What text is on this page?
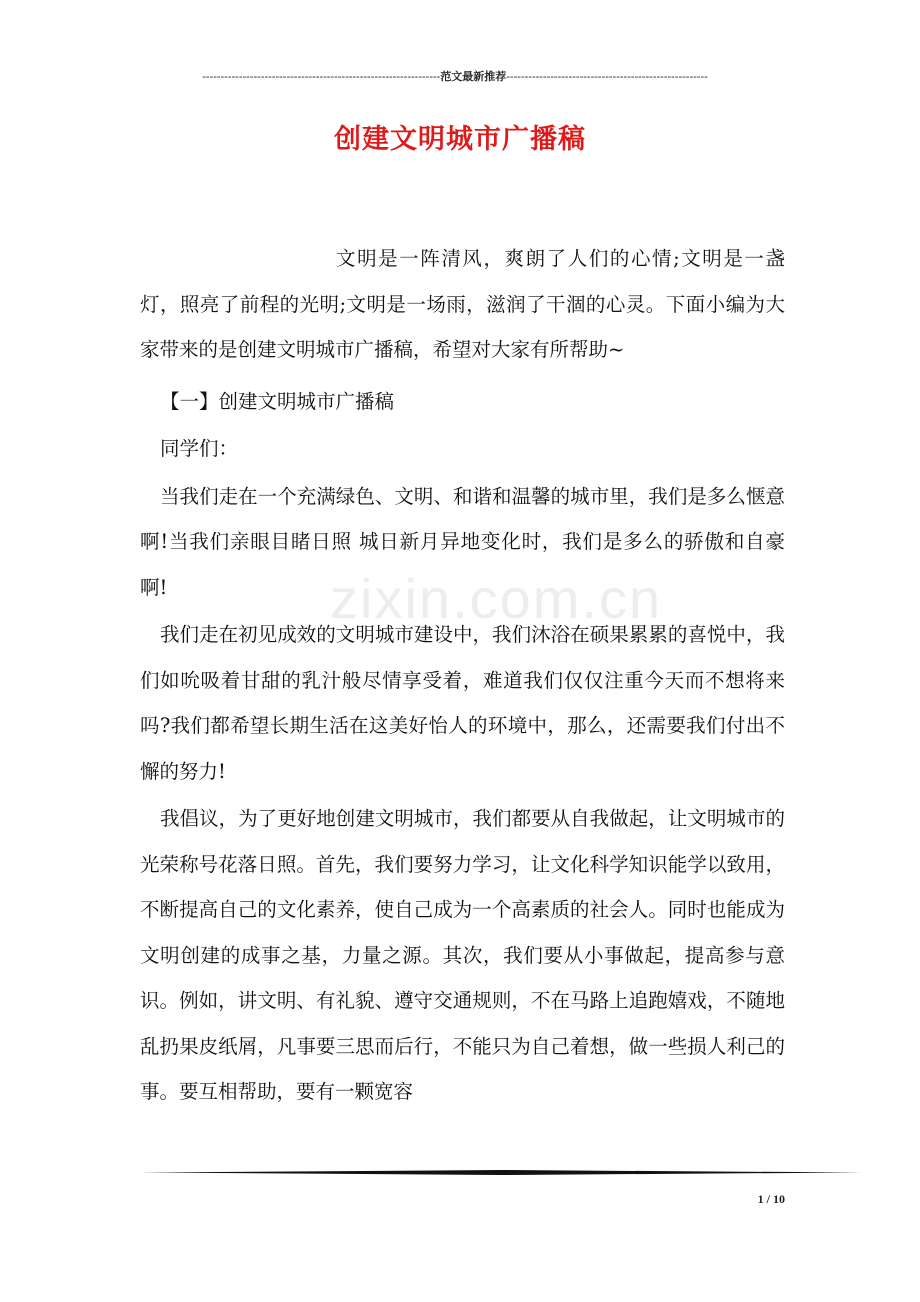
-----------------------------------------------------------------范文最新推荐-------------------------------------------------------
创建文明城市广播稿
zixin.com.cn

文明是一阵清风，爽朗了人们的心情;文明是一盏灯，照亮了前程的光明;文明是一场雨，滋润了干涸的心灵。下面小编为大家带来的是创建文明城市广播稿，希望对大家有所帮助~

【一】创建文明城市广播稿

同学们：

当我们走在一个充满绿色、文明、和谐和温馨的城市里，我们是多么惬意啊!当我们亲眼目睹日照 城日新月异地变化时，我们是多么的骄傲和自豪啊!

我们走在初见成效的文明城市建设中，我们沐浴在硕果累累的喜悦中，我们如吮吸着甘甜的乳汁般尽情享受着，难道我们仅仅注重今天而不想将来吗?我们都希望长期生活在这美好怡人的环境中，那么，还需要我们付出不懈的努力!

我倡议，为了更好地创建文明城市，我们都要从自我做起，让文明城市的光荣称号花落日照。首先，我们要努力学习，让文化科学知识能学以致用，不断提高自己的文化素养，使自己成为一个高素质的社会人。同时也能成为文明创建的成事之基，力量之源。其次，我们要从小事做起，提高参与意识。例如，讲文明、有礼貌、遵守交通规则，不在马路上追跑嬉戏，不随地乱扔果皮纸屑，凡事要三思而后行，不能只为自己着想，做一些损人利己的事。要互相帮助，要有一颗宽容

1 / 10
